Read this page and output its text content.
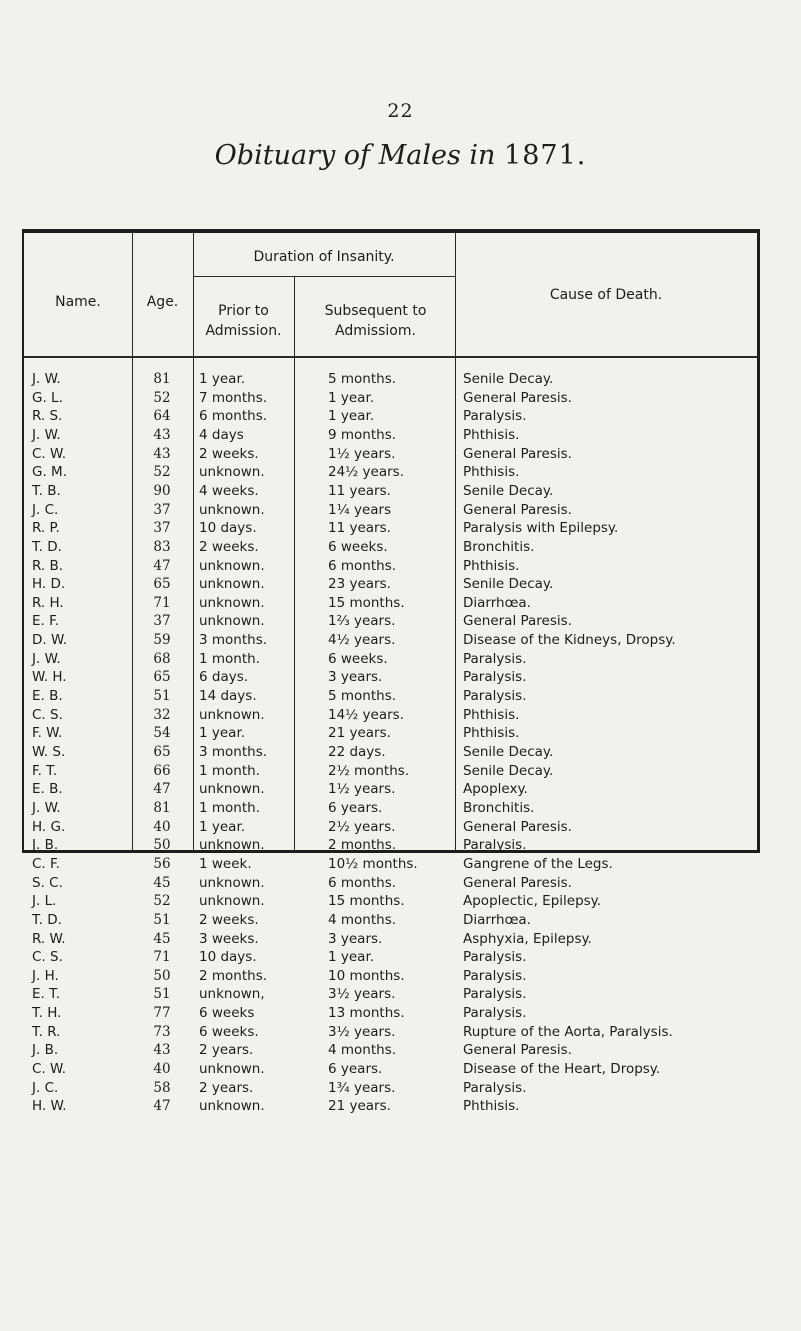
22
Obituary of Males in 1871.
Name.	Age.
Duration of Insanity.
Prior to Admission.
Subsequent to Admissiom.
Cause of Death.
J. W.	81	1 year.	5 months.	Senile Decay.
G. L.	52	7 months.	1 year.	General Paresis.
R. S.	64	6 months.	1 year.	Paralysis.
J. W.	43	4 days	9 months.	Phthisis.
C. W.	43	2 weeks.	1½ years.	General Paresis.
G. M.	52	unknown.	24½ years.	Phthisis.
T. B.	90	4 weeks.	11 years.	Senile Decay.
J. C.	37	unknown.	1¼ years	General Paresis.
R. P.	37	10 days.	11 years.	Paralysis with Epilepsy.
T. D.	83	2 weeks.	6 weeks.	Bronchitis.
R. B.	47	unknown.	6 months.	Phthisis.
H. D.	65	unknown.	23 years.	Senile Decay.
R. H.	71	unknown.	15 months.	Diarrhœa.
E. F.	37	unknown.	1⅔ years.	General Paresis.
D. W.	59	3 months.	4½ years.	Disease of the Kidneys, Dropsy.
J. W.	68	1 month.	6 weeks.	Paralysis.
W. H.	65	6 days.	3 years.	Paralysis.
E. B.	51	14 days.	5 months.	Paralysis.
C. S.	32	unknown.	14½ years.	Phthisis.
F. W.	54	1 year.	21 years.	Phthisis.
W. S.	65	3 months.	22 days.	Senile Decay.
F. T.	66	1 month.	2½ months.	Senile Decay.
E. B.	47	unknown.	1½ years.	Apoplexy.
J. W.	81	1 month.	6 years.	Bronchitis.
H. G.	40	1 year.	2½ years.	General Paresis.
J. B.	50	unknown.	2 months.	Paralysis.
C. F.	56	1 week.	10½ months.	Gangrene of the Legs.
S. C.	45	unknown.	6 months.	General Paresis.
J. L.	52	unknown.	15 months.	Apoplectic, Epilepsy.
T. D.	51	2 weeks.	4 months.	Diarrhœa.
R. W.	45	3 weeks.	3 years.	Asphyxia, Epilepsy.
C. S.	71	10 days.	1 year.	Paralysis.
J. H.	50	2 months.	10 months.	Paralysis.
E. T.	51	unknown,	3½ years.	Paralysis.
T. H.	77	6 weeks	13 months.	Paralysis.
T. R.	73	6 weeks.	3½ years.	Rupture of the Aorta, Paralysis.
J. B.	43	2 years.	4 months.	General Paresis.
C. W.	40	unknown.	6 years.	Disease of the Heart, Dropsy.
J. C.	58	2 years.	1¾ years.	Paralysis.
H. W.	47	unknown.	21 years.	Phthisis.
